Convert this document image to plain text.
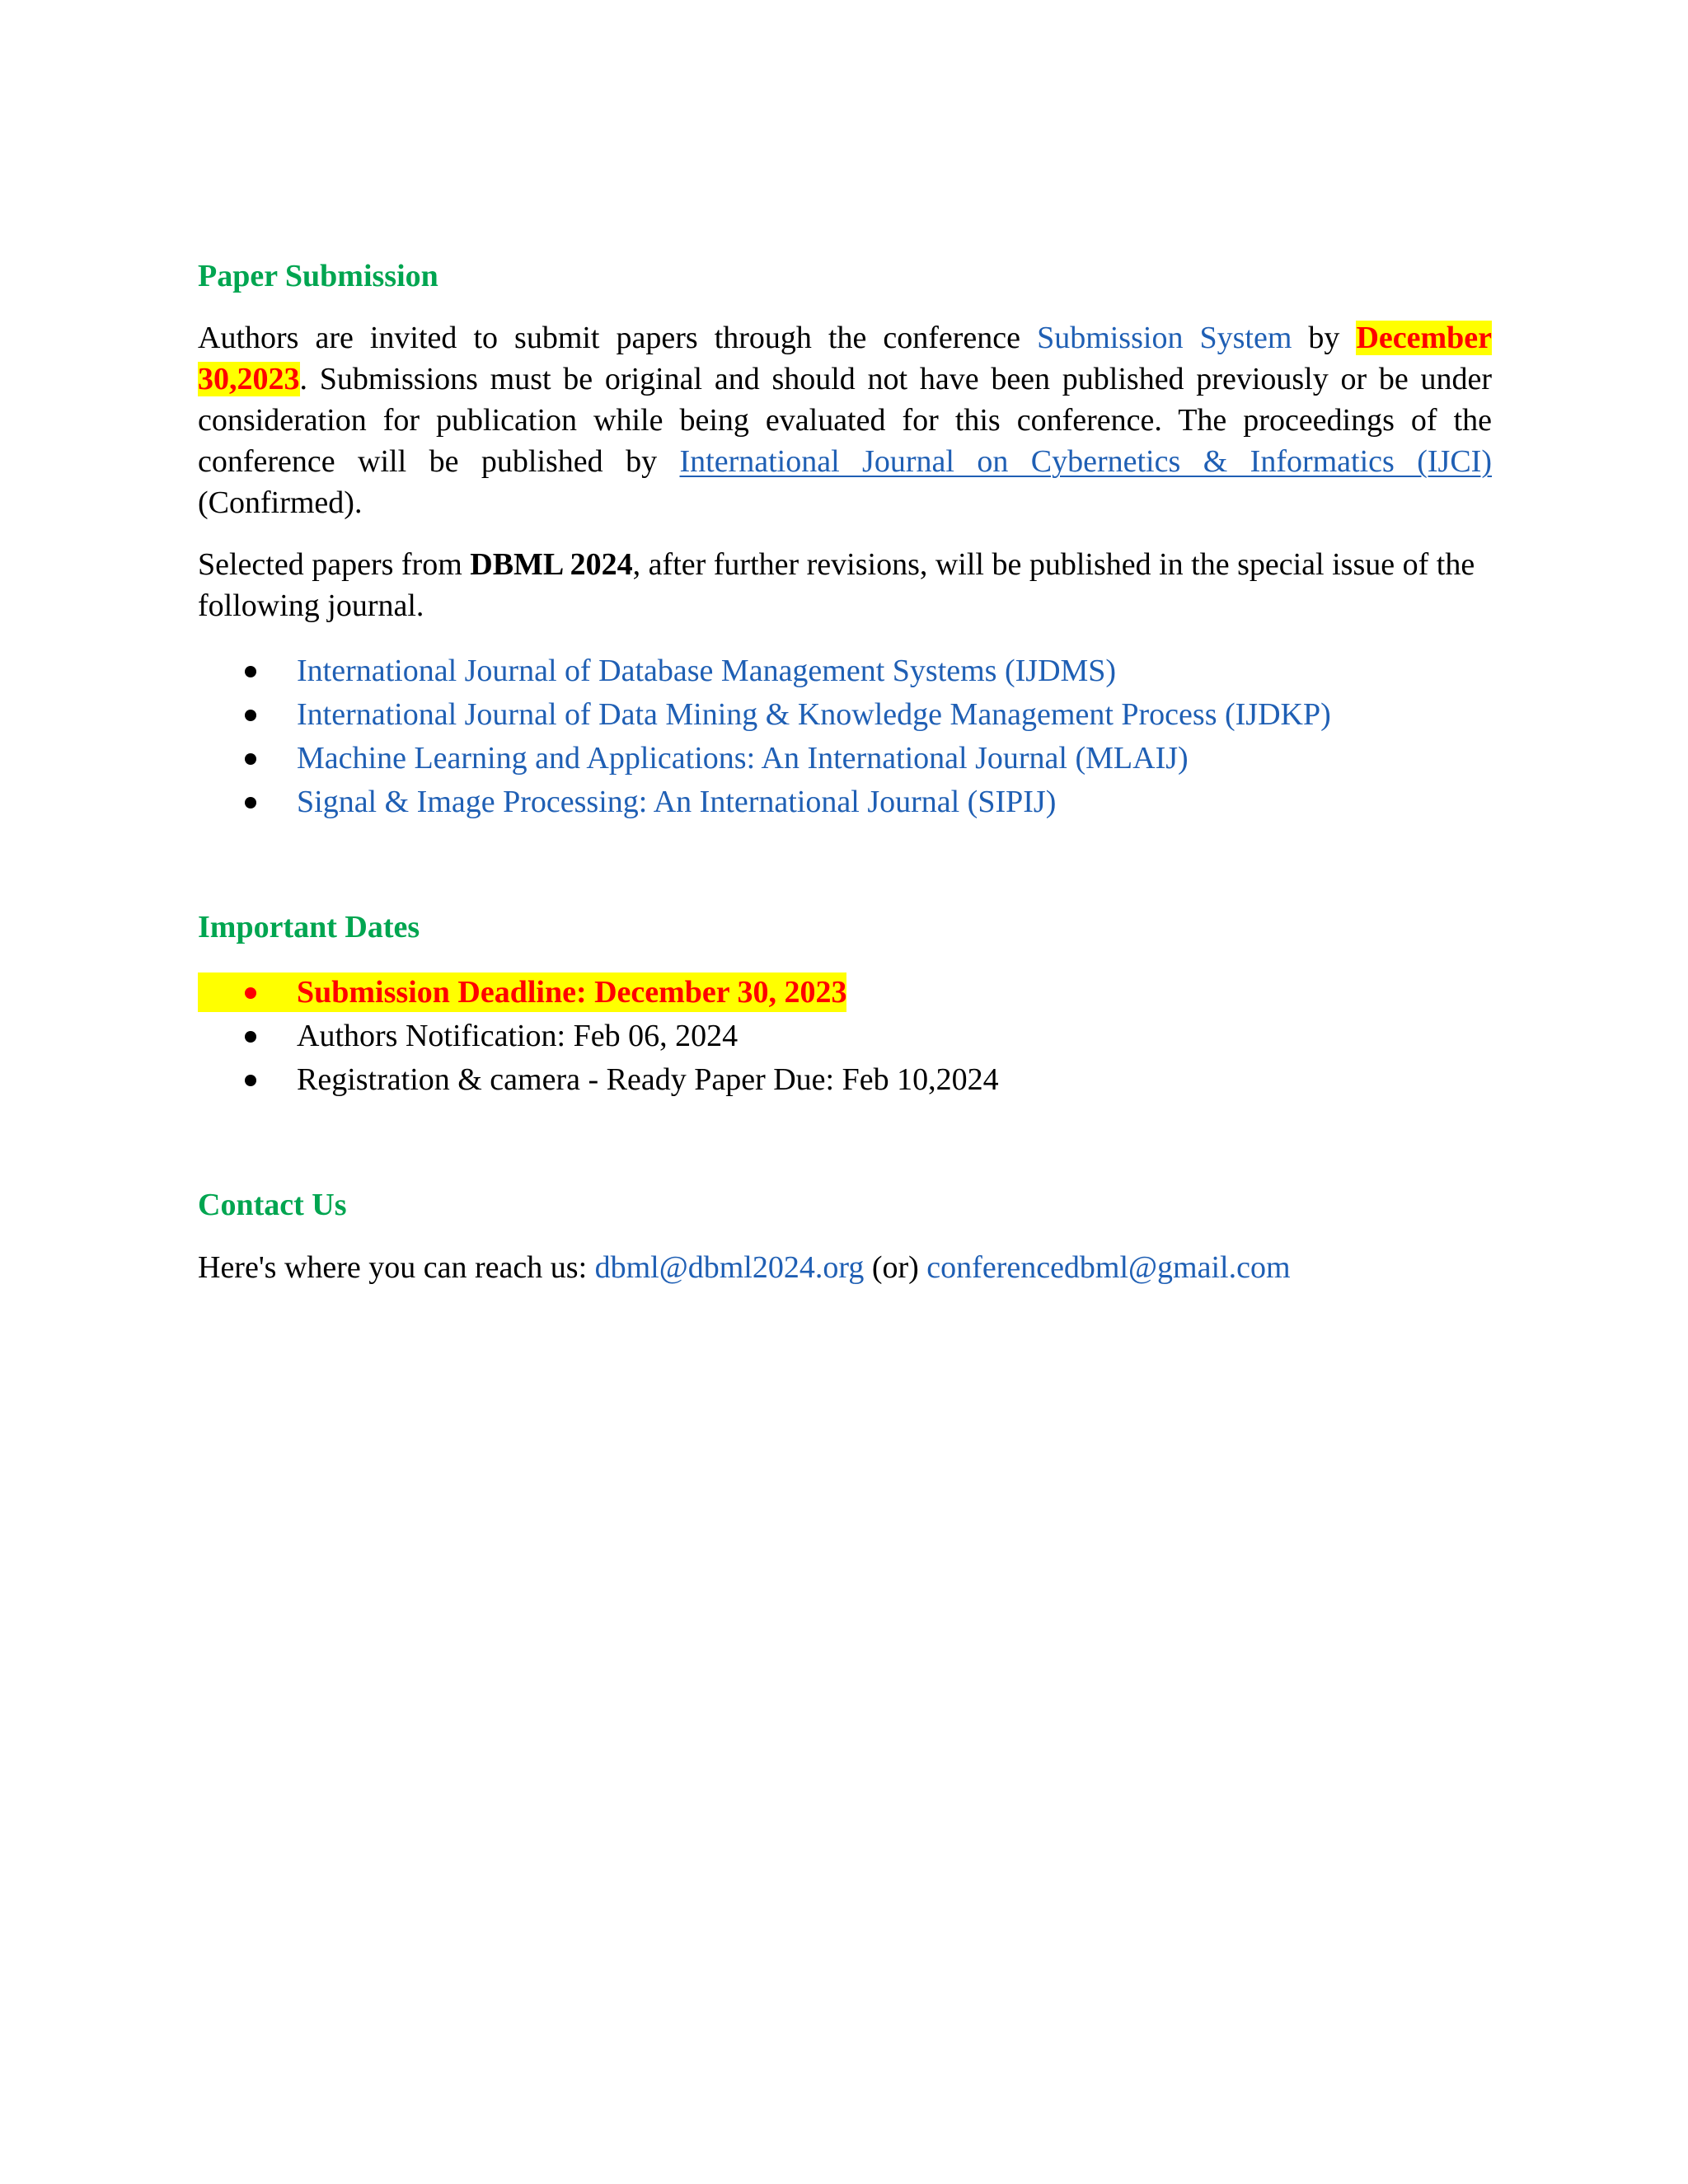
Paper Submission

Authors are invited to submit papers through the conference Submission System by December 30,2023. Submissions must be original and should not have been published previously or be under consideration for publication while being evaluated for this conference. The proceedings of the conference will be published by International Journal on Cybernetics & Informatics (IJCI) (Confirmed).

Selected papers from DBML 2024, after further revisions, will be published in the special issue of the following journal.

International Journal of Database Management Systems (IJDMS)
International Journal of Data Mining & Knowledge Management Process (IJDKP)
Machine Learning and Applications: An International Journal (MLAIJ)
Signal & Image Processing: An International Journal (SIPIJ)
Important Dates
Submission Deadline: December 30, 2023
Authors Notification: Feb 06, 2024
Registration & camera - Ready Paper Due: Feb 10,2024
Contact Us

Here's where you can reach us: dbml@dbml2024.org (or) conferencedbml@gmail.com
